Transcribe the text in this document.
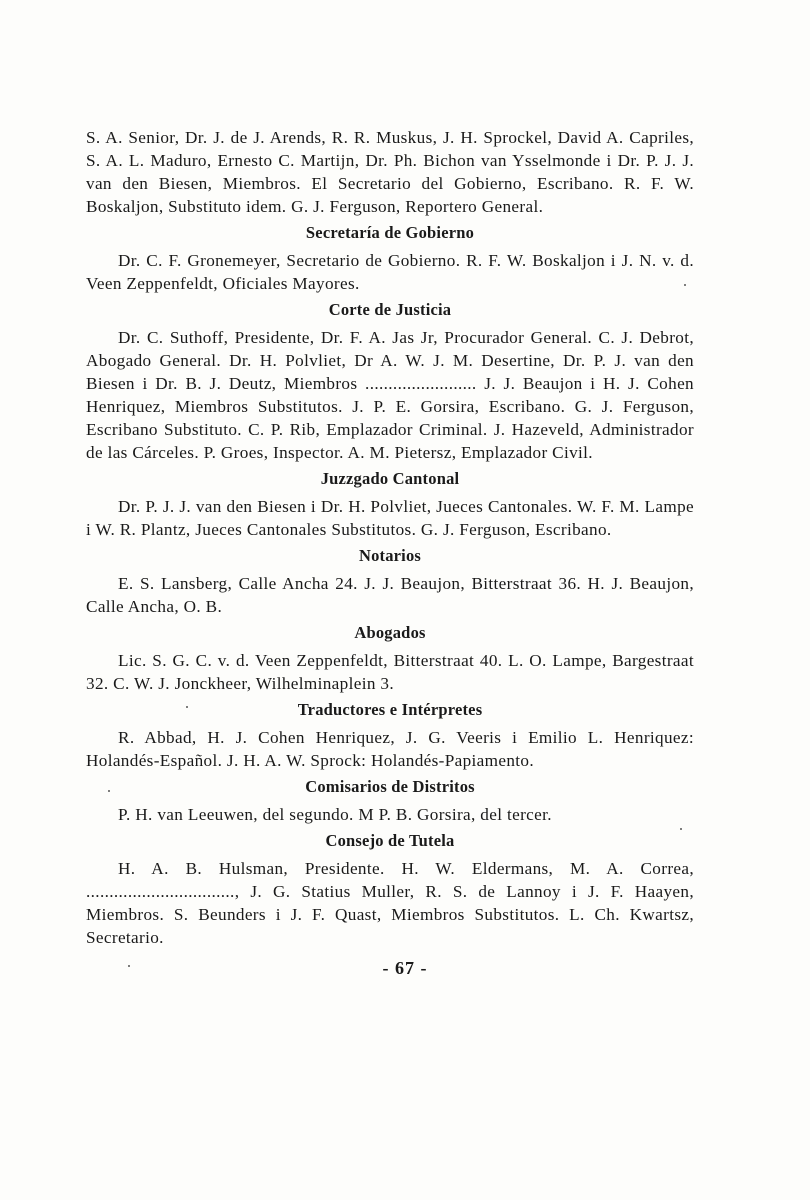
S. A. Senior, Dr. J. de J. Arends, R. R. Muskus, J. H. Sprockel, David A. Capriles, S. A. L. Maduro, Ernesto C. Martijn, Dr. Ph. Bichon van Ysselmonde i Dr. P. J. J. van den Biesen, Miembros. El Secretario del Gobierno, Escribano. R. F. W. Boskaljon, Substituto idem. G. J. Ferguson, Reportero General.

Secretaría de Gobierno

Dr. C. F. Gronemeyer, Secretario de Gobierno. R. F. W. Boskaljon i J. N. v. d. Veen Zeppenfeldt, Oficiales Mayores.

Corte de Justicia

Dr. C. Suthoff, Presidente, Dr. F. A. Jas Jr, Procurador General. C. J. Debrot, Abogado General. Dr. H. Polvliet, Dr A. W. J. M. Desertine, Dr. P. J. van den Biesen i Dr. B. J. Deutz, Miembros ........................ J. J. Beaujon i H. J. Cohen Henriquez, Miembros Substitutos. J. P. E. Gorsira, Escribano. G. J. Ferguson, Escribano Substituto. C. P. Rib, Emplazador Criminal. J. Hazeveld, Administrador de las Cárceles. P. Groes, Inspector. A. M. Pietersz, Emplazador Civil.

Juzzgado Cantonal

Dr. P. J. J. van den Biesen i Dr. H. Polvliet, Jueces Cantonales. W. F. M. Lampe i W. R. Plantz, Jueces Cantonales Substitutos. G. J. Ferguson, Escribano.

Notarios

E. S. Lansberg, Calle Ancha 24. J. J. Beaujon, Bitterstraat 36. H. J. Beaujon, Calle Ancha, O. B.

Abogados

Lic. S. G. C. v. d. Veen Zeppenfeldt, Bitterstraat 40. L. O. Lampe, Bargestraat 32. C. W. J. Jonckheer, Wilhelminaplein 3.

Traductores e Intérpretes

R. Abbad, H. J. Cohen Henriquez, J. G. Veeris i Emilio L. Henriquez: Holandés-Español. J. H. A. W. Sprock: Holandés-Papiamento.

Comisarios de Distritos

P. H. van Leeuwen, del segundo. M P. B. Gorsira, del tercer.

Consejo de Tutela

H. A. B. Hulsman, Presidente. H. W. Eldermans, M. A. Correa, ................................, J. G. Statius Muller, R. S. de Lannoy i J. F. Haayen, Miembros. S. Beunders i J. F. Quast, Miembros Substitutos. L. Ch. Kwartsz, Secretario.

- 67 -
